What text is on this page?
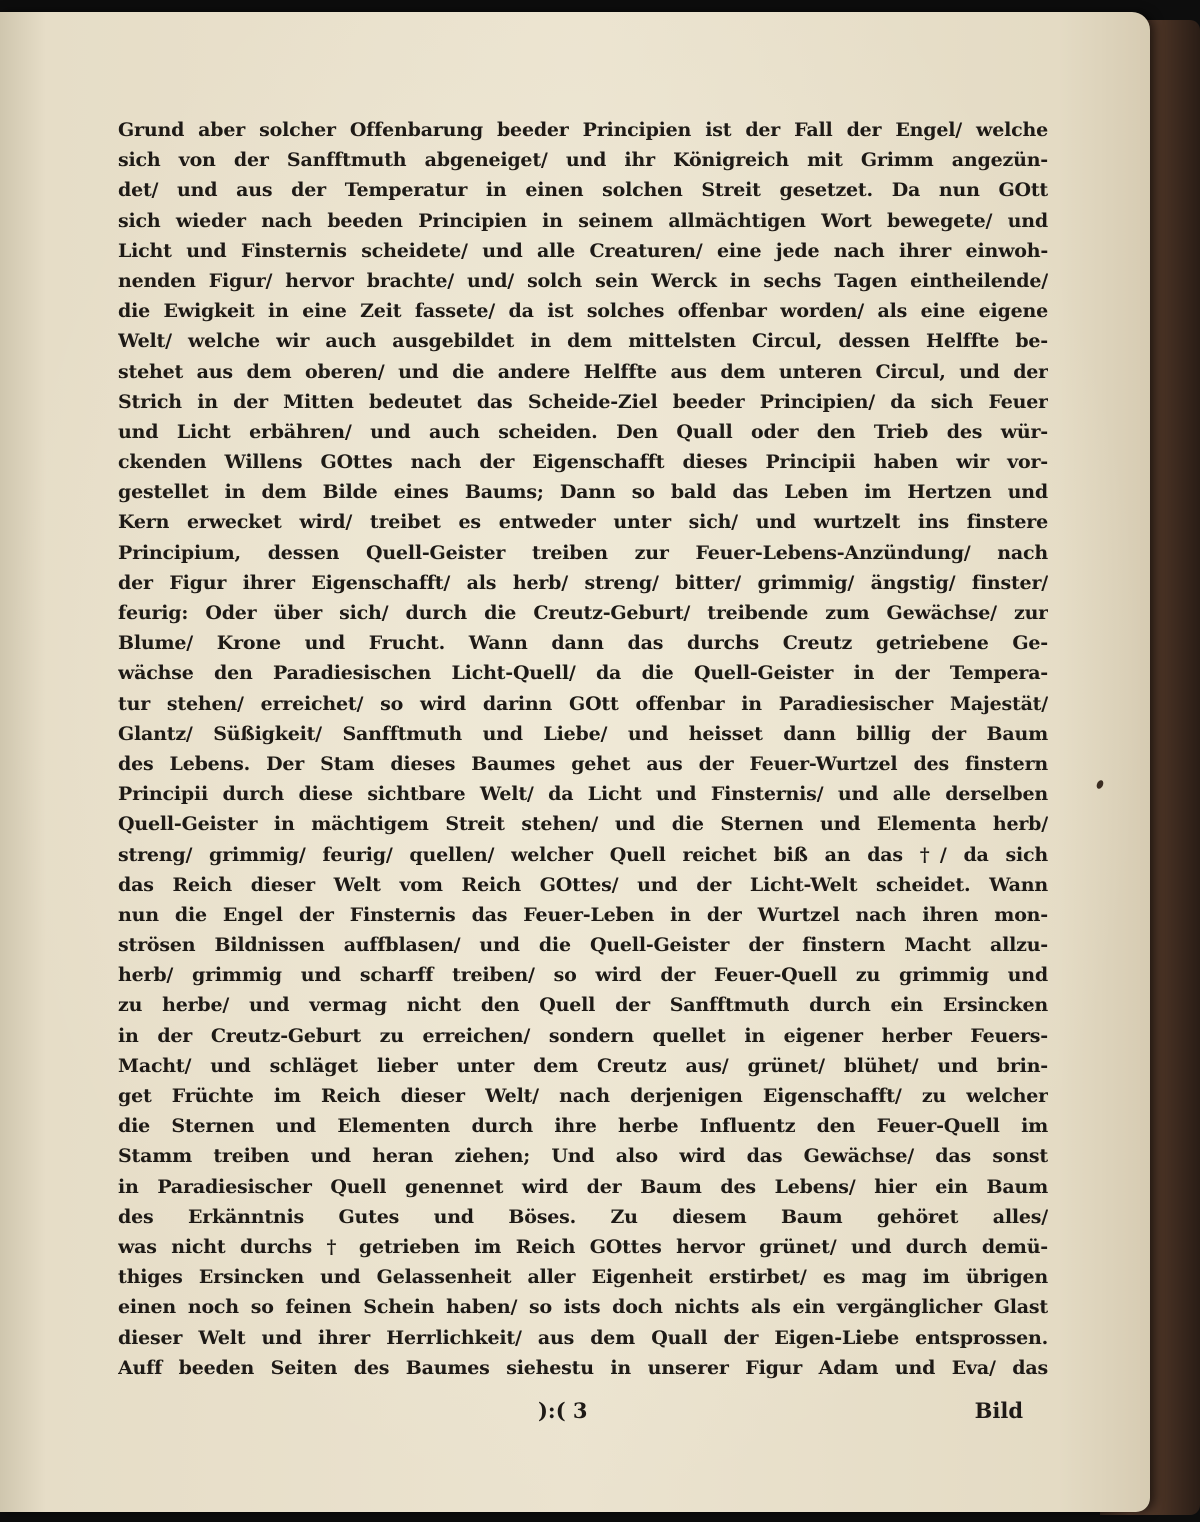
Grund aber solcher Offenbarung beeder Principien ist der Fall der Engel/ welche
sich von der Sanfftmuth abgeneiget/ und ihr Königreich mit Grimm angezün-
det/ und aus der Temperatur in einen solchen Streit gesetzet. Da nun GOtt
sich wieder nach beeden Principien in seinem allmächtigen Wort bewegete/ und
Licht und Finsternis scheidete/ und alle Creaturen/ eine jede nach ihrer einwoh-
nenden Figur/ hervor brachte/ und/ solch sein Werck in sechs Tagen eintheilende/
die Ewigkeit in eine Zeit fassete/ da ist solches offenbar worden/ als eine eigene
Welt/ welche wir auch ausgebildet in dem mittelsten Circul, dessen Helffte be-
stehet aus dem oberen/ und die andere Helffte aus dem unteren Circul, und der
Strich in der Mitten bedeutet das Scheide-Ziel beeder Principien/ da sich Feuer
und Licht erbähren/ und auch scheiden. Den Quall oder den Trieb des wür-
ckenden Willens GOttes nach der Eigenschafft dieses Principii haben wir vor-
gestellet in dem Bilde eines Baums; Dann so bald das Leben im Hertzen und
Kern erwecket wird/ treibet es entweder unter sich/ und wurtzelt ins finstere
Principium, dessen Quell-Geister treiben zur Feuer-Lebens-Anzündung/ nach
der Figur ihrer Eigenschafft/ als herb/ streng/ bitter/ grimmig/ ängstig/ finster/
feurig: Oder über sich/ durch die Creutz-Geburt/ treibende zum Gewächse/ zur
Blume/ Krone und Frucht. Wann dann das durchs Creutz getriebene Ge-
wächse den Paradiesischen Licht-Quell/ da die Quell-Geister in der Tempera-
tur stehen/ erreichet/ so wird darinn GOtt offenbar in Paradiesischer Majestät/
Glantz/ Süßigkeit/ Sanfftmuth und Liebe/ und heisset dann billig der Baum
des Lebens. Der Stam dieses Baumes gehet aus der Feuer-Wurtzel des finstern
Principii durch diese sichtbare Welt/ da Licht und Finsternis/ und alle derselben
Quell-Geister in mächtigem Streit stehen/ und die Sternen und Elementa herb/
streng/ grimmig/ feurig/ quellen/ welcher Quell reichet biß an das †/ da sich
das Reich dieser Welt vom Reich GOttes/ und der Licht-Welt scheidet. Wann
nun die Engel der Finsternis das Feuer-Leben in der Wurtzel nach ihren mon-
strösen Bildnissen auffblasen/ und die Quell-Geister der finstern Macht allzu-
herb/ grimmig und scharff treiben/ so wird der Feuer-Quell zu grimmig und
zu herbe/ und vermag nicht den Quell der Sanfftmuth durch ein Ersincken
in der Creutz-Geburt zu erreichen/ sondern quellet in eigener herber Feuers-
Macht/ und schläget lieber unter dem Creutz aus/ grünet/ blühet/ und brin-
get Früchte im Reich dieser Welt/ nach derjenigen Eigenschafft/ zu welcher
die Sternen und Elementen durch ihre herbe Influentz den Feuer-Quell im
Stamm treiben und heran ziehen; Und also wird das Gewächse/ das sonst
in Paradiesischer Quell genennet wird der Baum des Lebens/ hier ein Baum
des Erkänntnis Gutes und Böses. Zu diesem Baum gehöret alles/
was nicht durchs † getrieben im Reich GOttes hervor grünet/ und durch demü-
thiges Ersincken und Gelassenheit aller Eigenheit erstirbet/ es mag im übrigen
einen noch so feinen Schein haben/ so ists doch nichts als ein vergänglicher Glast
dieser Welt und ihrer Herrlichkeit/ aus dem Quall der Eigen-Liebe entsprossen.
Auff beeden Seiten des Baumes siehestu in unserer Figur Adam und Eva/ das
):( 3	Bild
